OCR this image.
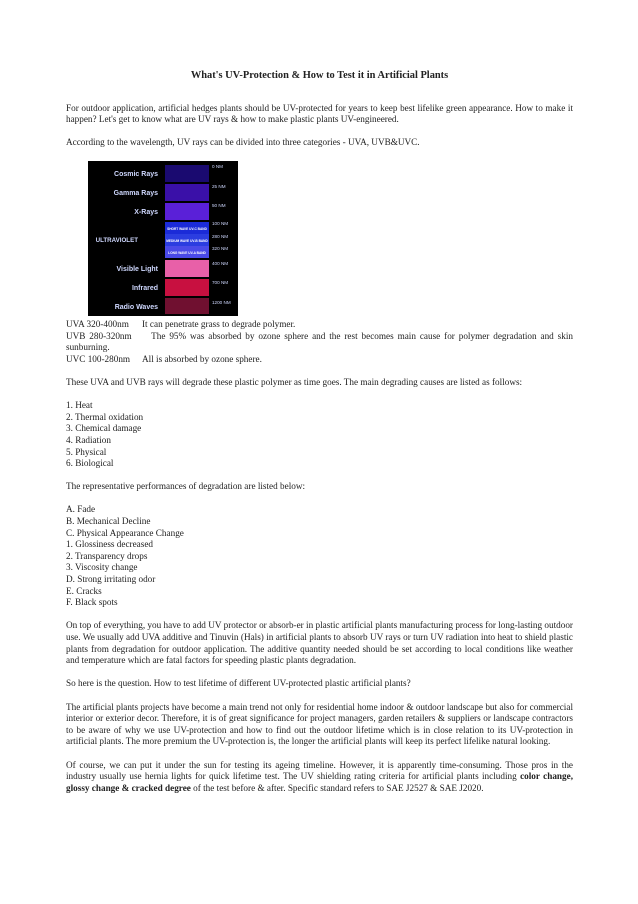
What's UV-Protection & How to Test it in Artificial Plants

For outdoor application, artificial hedges plants should be UV-protected for years to keep best lifelike green appearance. How to make it happen? Let's get to know what are UV rays & how to make plastic plants UV-engineered.

According to the wavelength, UV rays can be divided into three categories - UVA, UVB&UVC.

UVA 320-400nm	It can penetrate grass to degrade polymer.
UVB 280-320nm The 95% was absorbed by ozone sphere and the rest becomes main cause for polymer degradation and skin sunburning.
UVC 100-280nm	All is absorbed by ozone sphere.

These UVA and UVB rays will degrade these plastic polymer as time goes. The main degrading causes are listed as follows:

1. Heat

2. Thermal oxidation

3. Chemical damage

4. Radiation

5. Physical

6. Biological

The representative performances of degradation are listed below:

A. Fade

B. Mechanical Decline

C. Physical Appearance Change

1. Glossiness decreased

2. Transparency drops

3. Viscosity change

D. Strong irritating odor

E. Cracks

F. Black spots

On top of everything, you have to add UV protector or absorb-er in plastic artificial plants manufacturing process for long-lasting outdoor use. We usually add UVA additive and Tinuvin (Hals) in artificial plants to absorb UV rays or turn UV radiation into heat to shield plastic plants from degradation for outdoor application. The additive quantity needed should be set according to local conditions like weather and temperature which are fatal factors for speeding plastic plants degradation.

So here is the question. How to test lifetime of different UV-protected plastic artificial plants?

The artificial plants projects have become a main trend not only for residential home indoor & outdoor landscape but also for commercial interior or exterior decor. Therefore, it is of great significance for project managers, garden retailers & suppliers or landscape contractors to be aware of why we use UV-protection and how to find out the outdoor lifetime which is in close relation to its UV-protection in artificial plants. The more premium the UV-protection is, the longer the artificial plants will keep its perfect lifelike natural looking.

Of course, we can put it under the sun for testing its ageing timeline. However, it is apparently time-consuming. Those pros in the industry usually use hernia lights for quick lifetime test. The UV shielding rating criteria for artificial plants including color change, glossy change & cracked degree of the test before & after. Specific standard refers to SAE J2527 & SAE J2020.

Cosmic Rays
Gamma Rays
X-Rays
ULTRAVIOLET
Visible Light
Infrared
Radio Waves
SHORT WAVE UV-C BAND
MEDIUM WAVE UV-B BAND
LONG WAVE UV-A BAND
0 NM
25 NM
50 NM
100 NM
280 NM
320 NM
400 NM
700 NM
1200 NM
